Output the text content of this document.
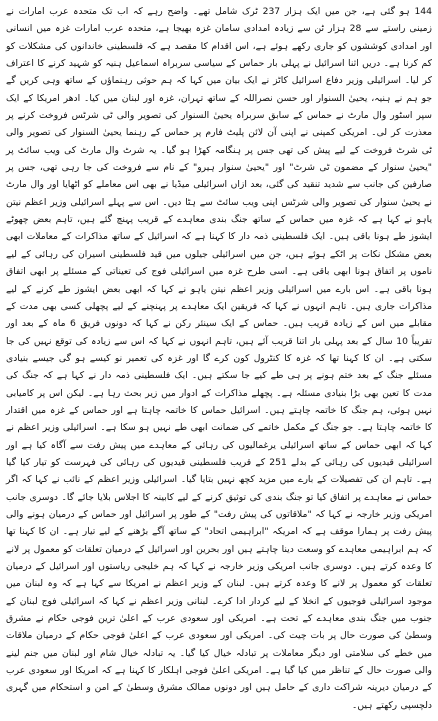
144 ہو گئی ہے، جن میں ایک ہزار 237 ٹرک شامل تھے۔ واضح رہے کہ اب تک متحدہ عرب امارات نے زمینی راستے سے 28 ہزار ٹن سے زیادہ امدادی سامان غزہ بھیجا ہے، متحدہ عرب امارات غزہ میں انسانی اور امدادی کوششوں کو جاری رکھے ہوئے ہے، اس اقدام کا مقصد ہے کہ فلسطینی خاندانوں کی مشکلات کو کم کرنا ہے۔ دریں اثنا اسرائیل نے پہلی بار حماس کے سیاسی سربراہ اسماعیل ہنیہ کو شہید کرنے کا اعتراف کر لیا۔ اسرائیلی وزیر دفاع اسرائیل کاٹز نے ایک بیان میں کہا کہ ہم حوثی رہنماؤں کے ساتھ وہی کریں گے جو ہم نے ہنیہ، یحییٰ السنوار اور حسن نصراللہ کے ساتھ تہران، غزہ اور لبنان میں کیا۔ ادھر امریکا کے ایک سپر اسٹور وال مارٹ نے حماس کے سابق سربراہ یحییٰ السنوار کی تصویر والی ٹی شرٹس فروخت کرنے پر معذرت کر لی۔ امریکی کمپنی نے اپنی آن لائن پلیٹ فارم پر حماس کے رہنما یحییٰ السنوار کی تصویر والی ٹی شرٹ فروخت کے لیے پیش کی تھی جس پر ہنگامہ کھڑا ہو گیا۔ یہ شرٹ وال مارٹ کی ویب سائٹ پر "یحییٰ سنوار کے مضمون ٹی شرٹ" اور "یحییٰ سنوار ہیرو" کے نام سے فروخت کی جا رہی تھی، جس پر صارفین کی جانب سے شدید تنقید کی گئی، بعد ازاں اسرائیلی میڈیا نے بھی اس معاملے کو اٹھایا اور وال مارٹ نے یحییٰ سنوار کی تصویر والی شرٹس اپنی ویب سائٹ سے ہٹا دیں۔ اس سے پہلے اسرائیلی وزیر اعظم نیتن یاہو نے کہا ہے کہ غزہ میں حماس کے ساتھ جنگ بندی معاہدے کے قریب پہنچ گئے ہیں، تاہم بعض چھوٹے ایشوز طے ہونا باقی ہیں۔ ایک فلسطینی ذمہ دار کا کہنا ہے کہ اسرائیل کے ساتھ مذاکرات کے معاملات ابھی بعض مشکل نکات پر اٹکے ہوئے ہیں، جن میں اسرائیلی جیلوں میں قید فلسطینی اسیران کی رہائی کے لیے ناموں پر اتفاق ہونا ابھی باقی ہے۔ اسی طرح غزہ میں اسرائیلی فوج کی تعیناتی کے مسئلے پر ابھی اتفاق ہونا باقی ہے۔ اس بارے میں اسرائیلی وزیر اعظم نیتن یاہو نے کہا کہ ابھی بعض ایشوز طے کرنے کے لیے مذاکرات جاری ہیں۔ تاہم انہوں نے کہا کہ فریقین ایک معاہدے پر پہنچنے کے لیے پچھلی کسی بھی مدت کے مقابلے میں اس کے زیادہ قریب ہیں۔ حماس کے ایک سینئر رکن نے کہا کہ دونوں فریق 6 ماہ کے بعد اور تقریباً 10 سال کے بعد پہلی بار اتنا قریب آئے ہیں، تاہم انہوں نے کہا کہ اس سے زیادہ کی توقع نہیں کی جا سکتی ہے۔ ان کا کہنا تھا کہ غزہ کا کنٹرول کون کرے گا اور غزہ کی تعمیر نو کیسے ہو گی جیسے بنیادی مسئلے جنگ کے بعد ختم ہونے پر ہی طے کیے جا سکتے ہیں۔ ایک فلسطینی ذمہ دار نے کہا ہے کہ جنگ کی مدت کا تعین بھی بڑا بنیادی مسئلہ ہے۔ پچھلے مذاکرات کے ادوار میں زیر بحث رہا ہے۔ لیکن اس پر کامیابی نہیں ہوئی، ہم جنگ کا خاتمہ چاہتے ہیں۔ اسرائیل حماس کا خاتمہ چاہتا ہے اور حماس کے غزہ میں اقتدار کا خاتمہ چاہتا ہے۔ جو جنگ کے مکمل خاتمے کی ضمانت ابھی طے نہیں ہو سکا ہے۔ اسرائیلی وزیر اعظم نے کہا کہ ابھی حماس کے ساتھ اسرائیلی یرغمالیوں کی رہائی کے معاہدے میں پیش رفت سے آگاہ کیا ہے اور اسرائیلی قیدیوں کی رہائی کے بدلے 251 کے قریب فلسطینی قیدیوں کی رہائی کی فہرست کو تیار کیا گیا ہے۔ تاہم ان کی تفصیلات کے بارے میں مزید کچھ نہیں بتایا گیا۔ اسرائیلی وزیر اعظم کے نائب نے کہا کہ اگر حماس نے معاہدے پر اتفاق کیا تو جنگ بندی کی توثیق کرنے کے لیے کابینہ کا اجلاس بلایا جائے گا۔ دوسری جانب امریکی وزیر خارجہ نے کہا کہ "ملاقاتوں کی پیش رفت" کے طور پر اسرائیل اور حماس کے درمیان ہونے والی پیش رفت پر ہمارا موقف ہے کہ امریکہ "ابراہیمی اتحاد" کے ساتھ آگے بڑھنے کے لیے تیار ہے۔ ان کا کہنا تھا کہ ہم ابراہیمی معاہدے کو وسعت دینا چاہتے ہیں اور بحرین اور اسرائیل کے درمیان تعلقات کو معمول پر لانے کا وعدہ کرتے ہیں۔ دوسری جانب امریکی وزیر خارجہ نے کہا کہ ہم خلیجی ریاستوں اور اسرائیل کے درمیان تعلقات کو معمول پر لانے کا وعدہ کرتے ہیں۔ لبنان کے وزیر اعظم نے امریکا سے کہا ہے کہ وہ لبنان میں موجود اسرائیلی فوجیوں کے انخلا کے لیے کردار ادا کرے۔ لبنانی وزیر اعظم نے کہا کہ اسرائیلی فوج لبنان کے جنوب میں جنگ بندی معاہدے کے تحت ہے۔ امریکی اور سعودی عرب کے اعلیٰ ترین فوجی حکام نے مشرق وسطیٰ کی صورت حال پر بات چیت کی۔ امریکی اور سعودی عرب کے اعلیٰ فوجی حکام کے درمیان ملاقات میں خطے کی سلامتی اور دیگر معاملات پر تبادلہ خیال کیا گیا۔ یہ تبادلہ خیال شام اور لبنان میں جنم لینے والی صورت حال کے تناظر میں کیا گیا ہے۔ امریکی اعلیٰ فوجی اہلکار کا کہنا ہے کہ امریکا اور سعودی عرب کے درمیان دیرینہ شراکت داری کے حامل ہیں اور دونوں ممالک مشرق وسطیٰ کے امن و استحکام میں گہری دلچسپی رکھتے ہیں۔
